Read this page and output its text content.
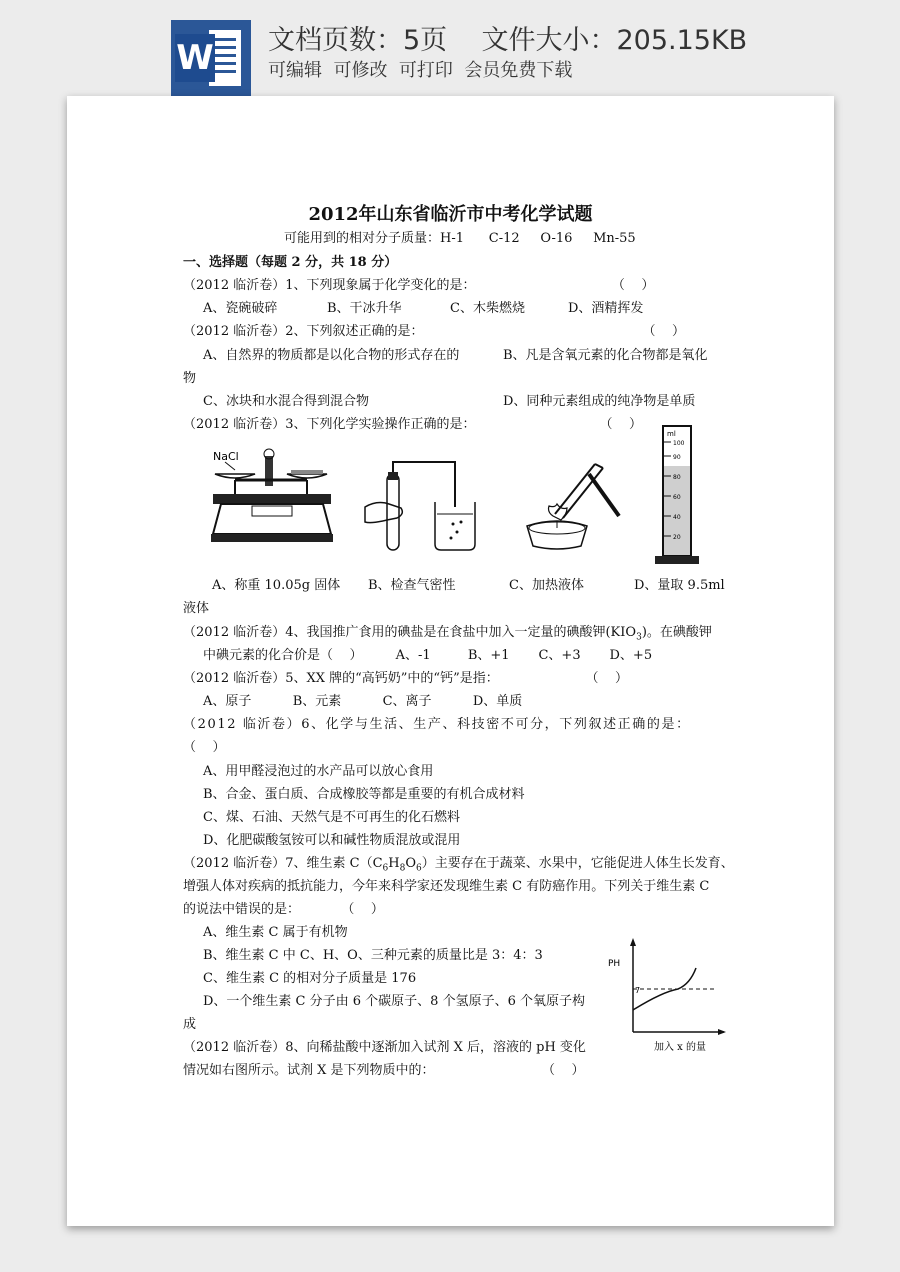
W 文档页数：5页    文件大小：205.15KB
可编辑  可修改  可打印  会员免费下载
2012年山东省临沂市中考化学试题
可能用到的相对分子质量：H-1      C-12     O-16     Mn-55
一、选择题（每题 2 分，共 18 分）
（2012 临沂卷）1、下列现象属于化学变化的是：                                 （    ）
A、瓷碗破碎	B、干冰升华	C、木柴燃烧	D、酒精挥发
（2012 临沂卷）2、下列叙述正确的是：                                                     （    ）
A、自然界的物质都是以化合物的形式存在的	B、凡是含氧元素的化合物都是氧化
物
C、冰块和水混合得到混合物	D、同种元素组成的纯净物是单质
（2012 临沂卷）3、下列化学实验操作正确的是：                              （    ）
NaCl
ml
100
90
80
60
40
20
A、称重 10.05g 固体 B、检查气密性	C、加热液体	D、量取 9.5ml
液体
（2012 临沂卷）4、我国推广食用的碘盐是在食盐中加入一定量的碘酸钾$(KIO_3)$。在碘酸钾
中碘元素的化合价是（    ）        A、-1         B、+1       C、+3       D、+5
（2012 临沂卷）5、XX 牌的“高钙奶”中的“钙”是指：                     （    ）
A、原子          B、元素          C、离子          D、单质
（2012 临沂卷）6、化学与生活、生产、科技密不可分，下列叙述正确的是：
（    ）
A、用甲醛浸泡过的水产品可以放心食用
B、合金、蛋白质、合成橡胶等都是重要的有机合成材料
C、煤、石油、天然气是不可再生的化石燃料
D、化肥碳酸氢铵可以和碱性物质混放或混用
（2012 临沂卷）7、维生素 $C(C_6H_8O_6)$主要存在于蔬菜、水果中，它能促进人体生长发育、
增强人体对疾病的抵抗能力，今年来科学家还发现维生素 C 有防癌作用。下列关于维生素 C
的说法中错误的是：          （    ）
A、维生素 C 属于有机物
B、维生素 C 中 C、H、O、三种元素的质量比是 3：4：3
C、维生素 C 的相对分子质量是 176
D、一个维生素 C 分子由 6 个碳原子、8 个氢原子、6 个氧原子构
成
（2012 临沂卷）8、向稀盐酸中逐渐加入试剂 X 后，溶液的 pH 变化
情况如右图所示。试剂 X 是下列物质中的：                          （    ）
PH
7
加入 x 的量
